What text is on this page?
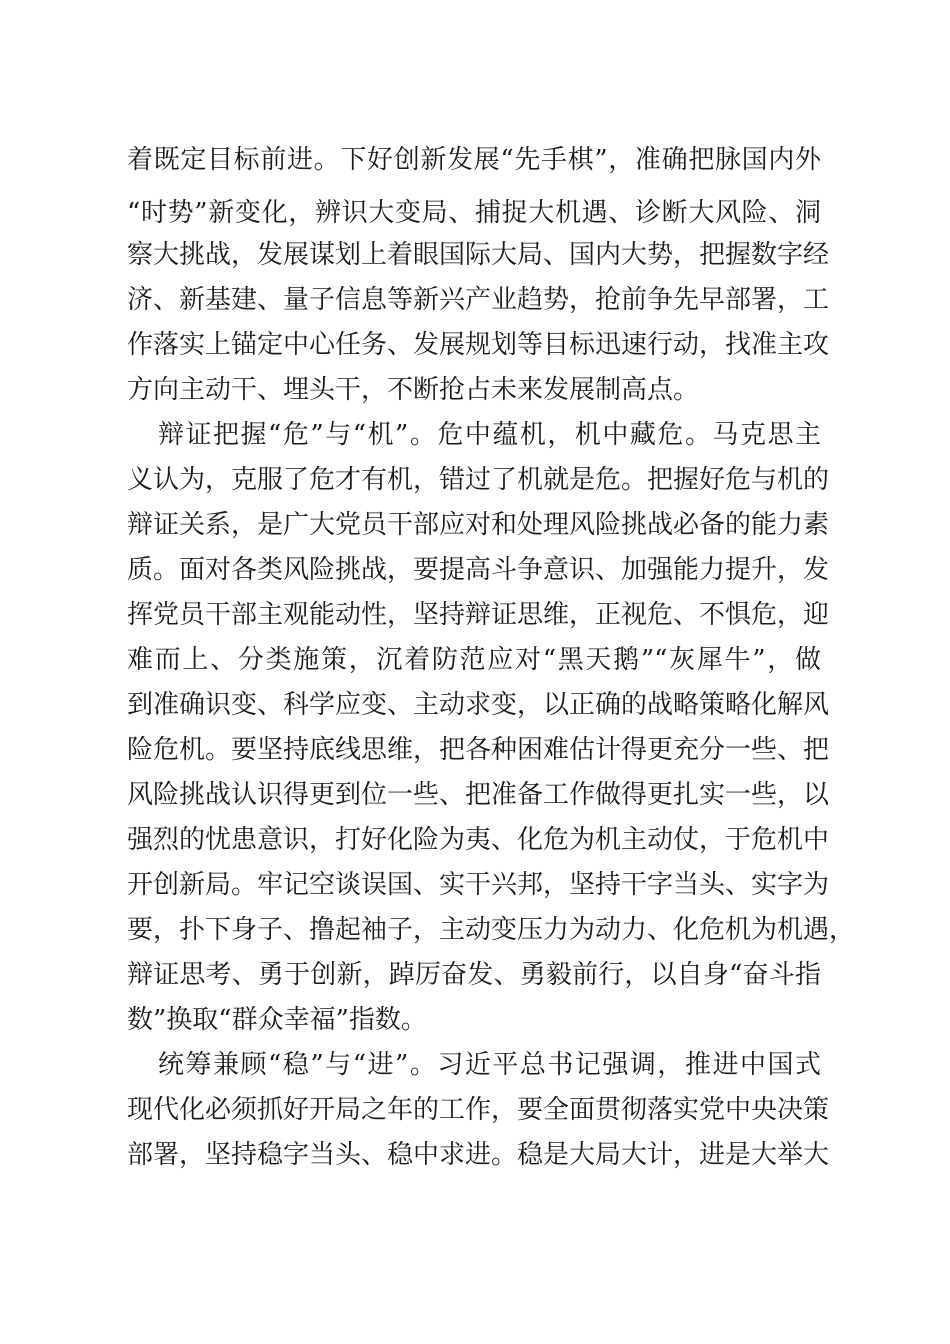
着既定目标前进。下好创新发展“先手棋”，准确把脉国内外
“时势”新变化，辨识大变局、捕捉大机遇、诊断大风险、洞
察大挑战，发展谋划上着眼国际大局、国内大势，把握数字经
济、新基建、量子信息等新兴产业趋势，抢前争先早部署，工
作落实上锚定中心任务、发展规划等目标迅速行动，找准主攻
方向主动干、埋头干，不断抢占未来发展制高点。
辩证把握“危”与“机”。危中蕴机，机中藏危。马克思主
义认为，克服了危才有机，错过了机就是危。把握好危与机的
辩证关系，是广大党员干部应对和处理风险挑战必备的能力素
质。面对各类风险挑战，要提高斗争意识、加强能力提升，发
挥党员干部主观能动性，坚持辩证思维，正视危、不惧危，迎
难而上、分类施策，沉着防范应对“黑天鹅”“灰犀牛”，做
到准确识变、科学应变、主动求变，以正确的战略策略化解风
险危机。要坚持底线思维，把各种困难估计得更充分一些、把
风险挑战认识得更到位一些、把准备工作做得更扎实一些，以
强烈的忧患意识，打好化险为夷、化危为机主动仗，于危机中
开创新局。牢记空谈误国、实干兴邦，坚持干字当头、实字为
要，扑下身子、撸起袖子，主动变压力为动力、化危机为机遇，
辩证思考、勇于创新，踔厉奋发、勇毅前行，以自身“奋斗指
数”换取“群众幸福”指数。
统筹兼顾“稳”与“进”。习近平总书记强调，推进中国式
现代化必须抓好开局之年的工作，要全面贯彻落实党中央决策
部署，坚持稳字当头、稳中求进。稳是大局大计，进是大举大
